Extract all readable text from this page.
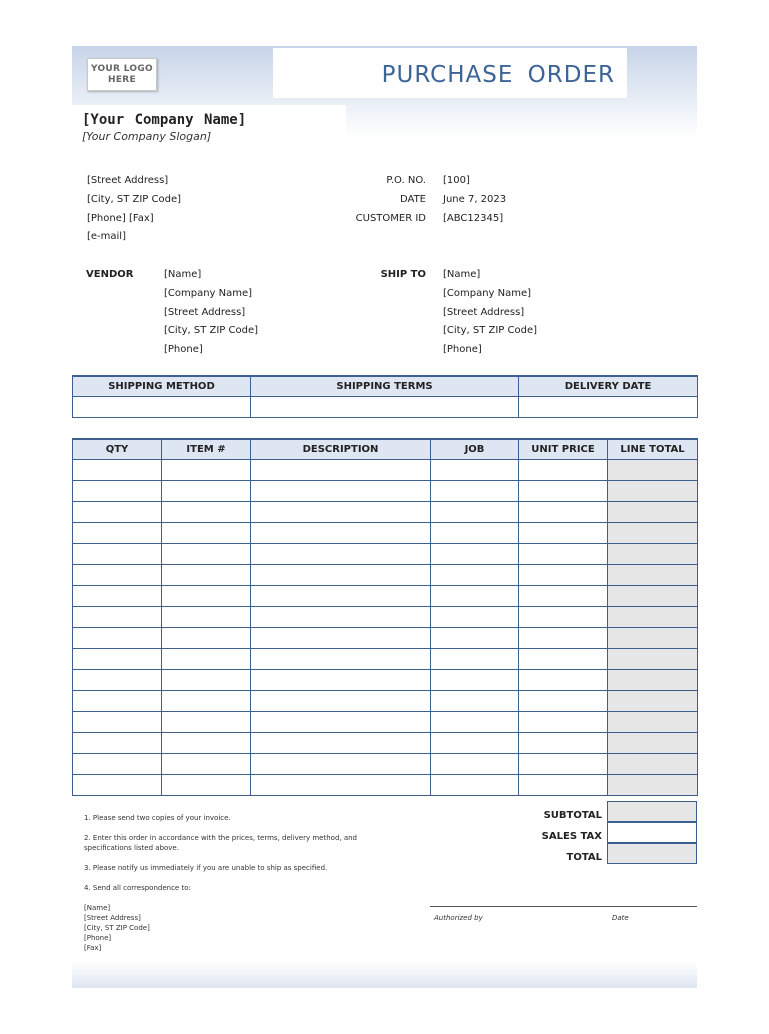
YOUR LOGO
HERE	PURCHASE ORDER
[Your Company Name]
[Your Company Slogan]
[Street Address]
[City, ST ZIP Code]
[Phone] [Fax]
[e-mail]
P.O. NO. [100]
DATE June 7, 2023
CUSTOMER ID [ABC12345]
VENDOR	[Name]
[Company Name]
[Street Address]
[City, ST ZIP Code]
[Phone]
SHIP TO [Name]
[Company Name]
[Street Address]
[City, ST ZIP Code]
[Phone]
SHIPPING METHOD	SHIPPING TERMS	DELIVERY DATE

QTY	ITEM #	DESCRIPTION	JOB	UNIT PRICE	LINE TOTAL

SUBTOTAL
SALES TAX
TOTAL
1. Please send two copies of your invoice.
2. Enter this order in accordance with the prices, terms, delivery method, and
specifications listed above.
3. Please notify us immediately if you are unable to ship as specified.
4. Send all correspondence to:
[Name]
[Street Address]
[City, ST ZIP Code]
[Phone]
[Fax]
Authorized by	Date
